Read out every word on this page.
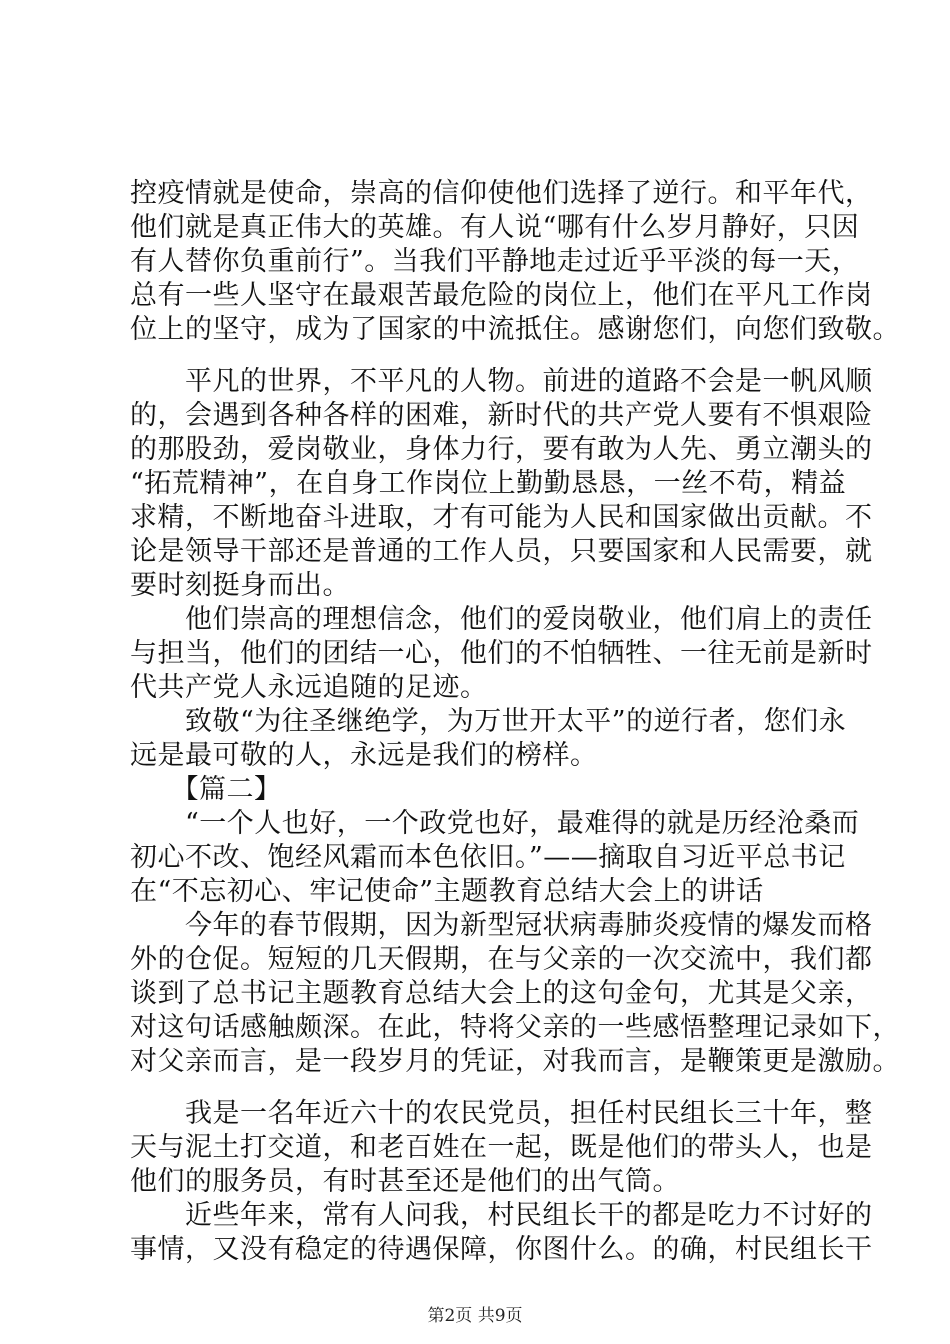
控疫情就是使命，崇高的信仰使他们选择了逆行。和平年代，
他们就是真正伟大的英雄。有人说“哪有什么岁月静好，只因
有人替你负重前行”。当我们平静地走过近乎平淡的每一天，
总有一些人坚守在最艰苦最危险的岗位上，他们在平凡工作岗
位上的坚守，成为了国家的中流抵住。感谢您们，向您们致敬。
　　平凡的世界，不平凡的人物。前进的道路不会是一帆风顺
的，会遇到各种各样的困难，新时代的共产党人要有不惧艰险
的那股劲，爱岗敬业，身体力行，要有敢为人先、勇立潮头的
“拓荒精神”，在自身工作岗位上勤勤恳恳，一丝不苟，精益
求精，不断地奋斗进取，才有可能为人民和国家做出贡献。不
论是领导干部还是普通的工作人员，只要国家和人民需要，就
要时刻挺身而出。
　　他们崇高的理想信念，他们的爱岗敬业，他们肩上的责任
与担当，他们的团结一心，他们的不怕牺牲、一往无前是新时
代共产党人永远追随的足迹。
　　致敬“为往圣继绝学，为万世开太平”的逆行者，您们永
远是最可敬的人，永远是我们的榜样。
　　【篇二】
　　“一个人也好，一个政党也好，最难得的就是历经沧桑而
初心不改、饱经风霜而本色依旧。”——摘取自习近平总书记
在“不忘初心、牢记使命”主题教育总结大会上的讲话
　　今年的春节假期，因为新型冠状病毒肺炎疫情的爆发而格
外的仓促。短短的几天假期，在与父亲的一次交流中，我们都
谈到了总书记主题教育总结大会上的这句金句，尤其是父亲，
对这句话感触颇深。在此，特将父亲的一些感悟整理记录如下，
对父亲而言，是一段岁月的凭证，对我而言，是鞭策更是激励。
　　我是一名年近六十的农民党员，担任村民组长三十年，整
天与泥土打交道，和老百姓在一起，既是他们的带头人，也是
他们的服务员，有时甚至还是他们的出气筒。
　　近些年来，常有人问我，村民组长干的都是吃力不讨好的
事情，又没有稳定的待遇保障，你图什么。的确，村民组长干
第2页 共9页
